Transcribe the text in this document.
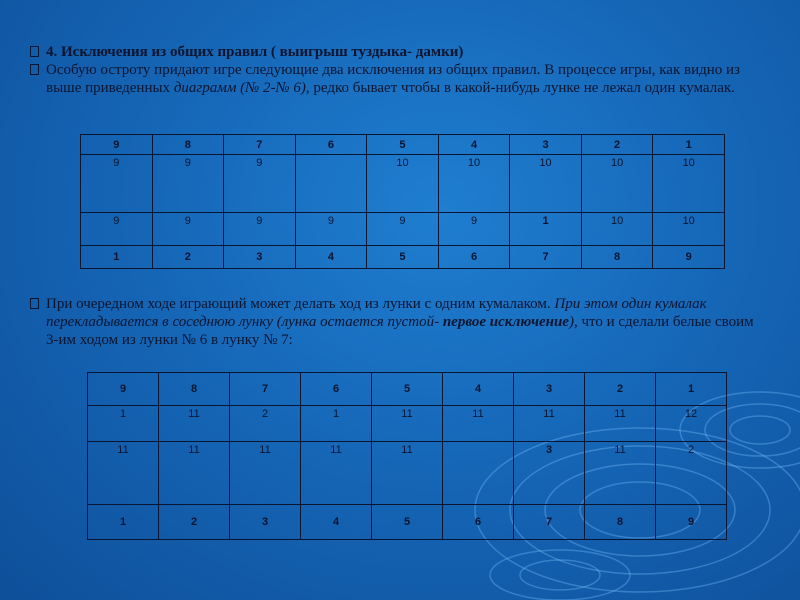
4. Исключения из общих правил ( выигрыш туздыка- дамки)
Особую остроту придают игре следующие два исключения из общих правил. В процессе игры, как видно из выше приведенных диаграмм (№ 2-№ 6), редко бывает чтобы в какой-нибудь лунке не лежал один кумалак.
9	8	7	6	5	4	3	2	1
9	9	9		10	10	10	10	10
9	9	9	9	9	9	1	10	10
1	2	3	4	5	6	7	8	9
При очередном ходе играющий может делать ход из лунки с одним кумалаком. При этом один кумалак перекладывается в соседнюю лунку (лунка остается пустой- первое исключение), что и сделали белые своим 3-им ходом из лунки № 6 в лунку № 7:
9	8	7	6	5	4	3	2	1
1	11	2	1	11	11	11	11	12
11	11	11	11	11		3	11	2
1	2	3	4	5	6	7	8	9
